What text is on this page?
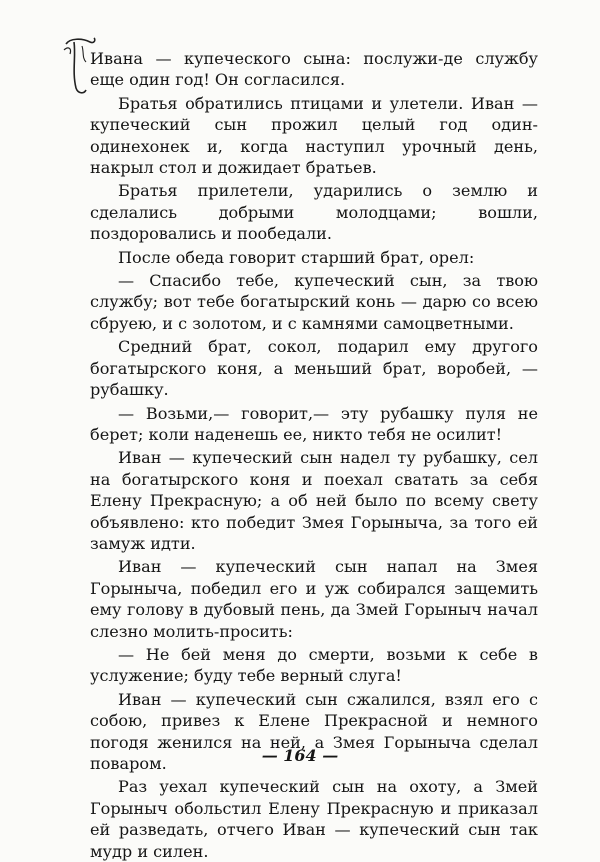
Ивана — купеческого сына: послужи-де службу еще один год! Он согласился.

Братья обратились птицами и улетели. Иван — купеческий сын прожил целый год один-одинехонек и, когда наступил урочный день, накрыл стол и дожидает братьев.

Братья прилетели, ударились о землю и сделались добрыми молодцами; вошли, поздоровались и пообедали.

После обеда говорит старший брат, орел:

— Спасибо тебе, купеческий сын, за твою службу; вот тебе богатырский конь — дарю со всею сбруею, и с золотом, и с камнями самоцветными.

Средний брат, сокол, подарил ему другого богатырского коня, а меньший брат, воробей, — рубашку.

— Возьми,— говорит,— эту рубашку пуля не берет; коли наденешь ее, никто тебя не осилит!

Иван — купеческий сын надел ту рубашку, сел на богатырского коня и поехал сватать за себя Елену Прекрасную; а об ней было по всему свету объявлено: кто победит Змея Горыныча, за того ей замуж идти.

Иван — купеческий сын напал на Змея Горыныча, победил его и уж собирался защемить ему голову в дубовый пень, да Змей Горыныч начал слезно молить-просить:

— Не бей меня до смерти, возьми к себе в услужение; буду тебе верный слуга!

Иван — купеческий сын сжалился, взял его с собою, привез к Елене Прекрасной и немного погодя женился на ней, а Змея Горыныча сделал поваром.

Раз уехал купеческий сын на охоту, а Змей Горыныч обольстил Елену Прекрасную и приказал ей разведать, отчего Иван — купеческий сын так мудр и силен.

— 164 —
